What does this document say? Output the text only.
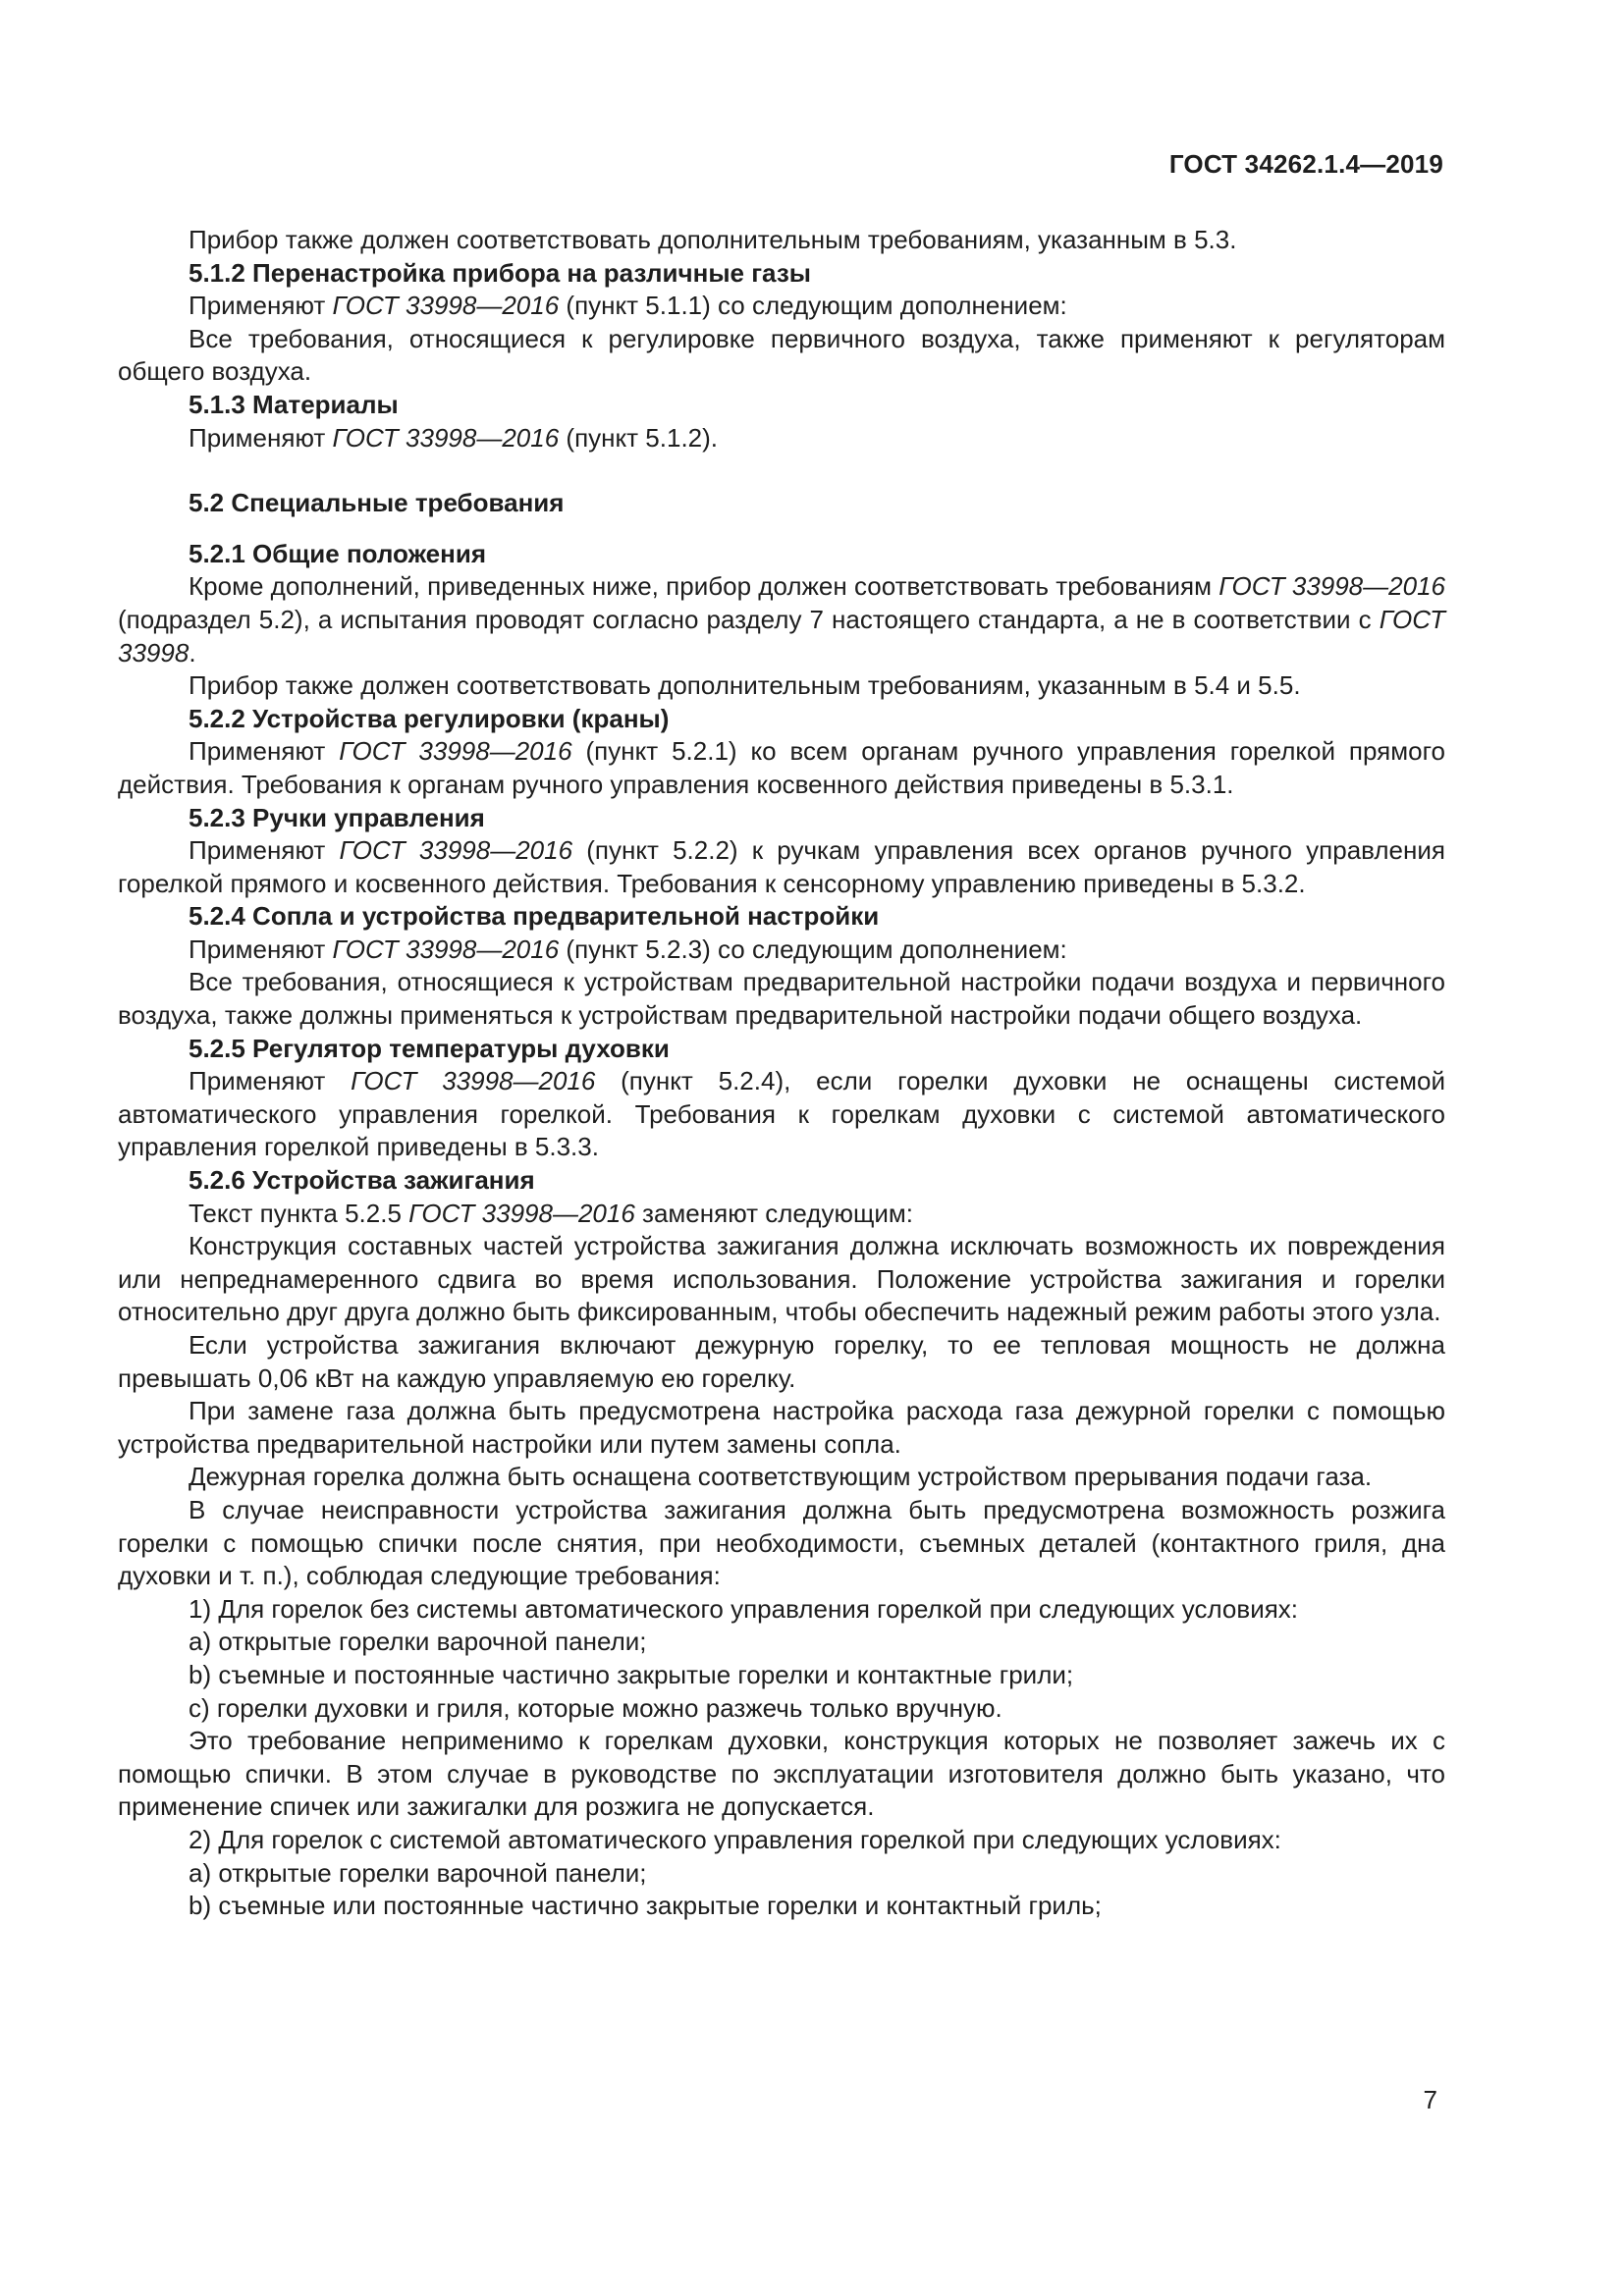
ГОСТ 34262.1.4—2019

Прибор также должен соответствовать дополнительным требованиям, указанным в 5.3.

5.1.2 Перенастройка прибора на различные газы

Применяют ГОСТ 33998—2016 (пункт 5.1.1) со следующим дополнением:

Все требования, относящиеся к регулировке первичного воздуха, также применяют к регуляторам общего воздуха.

5.1.3 Материалы

Применяют ГОСТ 33998—2016 (пункт 5.1.2).

5.2 Специальные требования

5.2.1 Общие положения

Кроме дополнений, приведенных ниже, прибор должен соответствовать требованиям ГОСТ 33998—2016 (подраздел 5.2), а испытания проводят согласно разделу 7 настоящего стандарта, а не в соответствии с ГОСТ 33998.

Прибор также должен соответствовать дополнительным требованиям, указанным в 5.4 и 5.5.

5.2.2 Устройства регулировки (краны)

Применяют ГОСТ 33998—2016 (пункт 5.2.1) ко всем органам ручного управления горелкой прямого действия. Требования к органам ручного управления косвенного действия приведены в 5.3.1.

5.2.3 Ручки управления

Применяют ГОСТ 33998—2016 (пункт 5.2.2) к ручкам управления всех органов ручного управления горелкой прямого и косвенного действия. Требования к сенсорному управлению приведены в 5.3.2.

5.2.4 Сопла и устройства предварительной настройки

Применяют ГОСТ 33998—2016 (пункт 5.2.3) со следующим дополнением:

Все требования, относящиеся к устройствам предварительной настройки подачи воздуха и первичного воздуха, также должны применяться к устройствам предварительной настройки подачи общего воздуха.

5.2.5 Регулятор температуры духовки

Применяют ГОСТ 33998—2016 (пункт 5.2.4), если горелки духовки не оснащены системой автоматического управления горелкой. Требования к горелкам духовки с системой автоматического управления горелкой приведены в 5.3.3.

5.2.6 Устройства зажигания

Текст пункта 5.2.5 ГОСТ 33998—2016 заменяют следующим:

Конструкция составных частей устройства зажигания должна исключать возможность их повреждения или непреднамеренного сдвига во время использования. Положение устройства зажигания и горелки относительно друг друга должно быть фиксированным, чтобы обеспечить надежный режим работы этого узла.

Если устройства зажигания включают дежурную горелку, то ее тепловая мощность не должна превышать 0,06 кВт на каждую управляемую ею горелку.

При замене газа должна быть предусмотрена настройка расхода газа дежурной горелки с помощью устройства предварительной настройки или путем замены сопла.

Дежурная горелка должна быть оснащена соответствующим устройством прерывания подачи газа.

В случае неисправности устройства зажигания должна быть предусмотрена возможность розжига горелки с помощью спички после снятия, при необходимости, съемных деталей (контактного гриля, дна духовки и т. п.), соблюдая следующие требования:

1) Для горелок без системы автоматического управления горелкой при следующих условиях:

a) открытые горелки варочной панели;

b) съемные и постоянные частично закрытые горелки и контактные грили;

c) горелки духовки и гриля, которые можно разжечь только вручную.

Это требование неприменимо к горелкам духовки, конструкция которых не позволяет зажечь их с помощью спички. В этом случае в руководстве по эксплуатации изготовителя должно быть указано, что применение спичек или зажигалки для розжига не допускается.

2) Для горелок с системой автоматического управления горелкой при следующих условиях:

a) открытые горелки варочной панели;

b) съемные или постоянные частично закрытые горелки и контактный гриль;

7
